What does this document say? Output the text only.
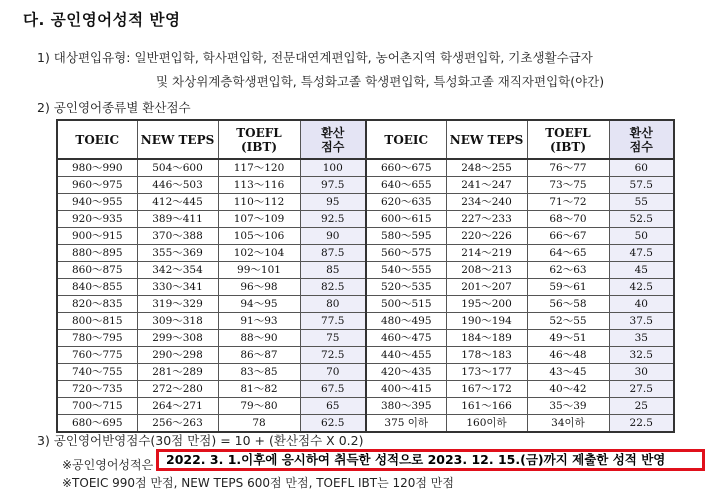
다. 공인영어성적 반영
1) 대상편입유형: 일반편입학, 학사편입학, 전문대연계편입학, 농어촌지역 학생편입학, 기초생활수급자
및 차상위계층학생편입학, 특성화고졸 학생편입학, 특성화고졸 재직자편입학(야간)
2) 공인영어종류별 환산점수
TOEIC	NEW TEPS	TOEFL (IBT)	환산 점수	TOEIC	NEW TEPS	TOEFL (IBT)	환산 점수
980～990	504～600	117～120	100	660～675	248～255	76～77	60
960～975	446～503	113～116	97.5	640～655	241～247	73～75	57.5
940～955	412～445	110～112	95	620～635	234～240	71～72	55
920～935	389～411	107～109	92.5	600～615	227～233	68～70	52.5
900～915	370～388	105～106	90	580～595	220～226	66～67	50
880～895	355～369	102～104	87.5	560～575	214～219	64～65	47.5
860～875	342～354	99～101	85	540～555	208～213	62～63	45
840～855	330～341	96～98	82.5	520～535	201～207	59～61	42.5
820～835	319～329	94～95	80	500～515	195～200	56～58	40
800～815	309～318	91～93	77.5	480～495	190～194	52～55	37.5
780～795	299～308	88～90	75	460～475	184～189	49～51	35
760～775	290～298	86～87	72.5	440～455	178～183	46～48	32.5
740～755	281～289	83～85	70	420～435	173～177	43～45	30
720～735	272～280	81～82	67.5	400～415	167～172	40～42	27.5
700～715	264～271	79～80	65	380～395	161～166	35～39	25
680～695	256～263	78	62.5	375 이하	160이하	34이하	22.5
3) 공인영어반영점수(30점 만점) = 10 + (환산점수 X 0.2)
※공인영어성적은	2022. 3. 1.이후에 응시하여 취득한 성적으로 2023. 12. 15.(금)까지 제출한 성적 반영
※TOEIC 990점 만점, NEW TEPS 600점 만점, TOEFL IBT는 120점 만점
